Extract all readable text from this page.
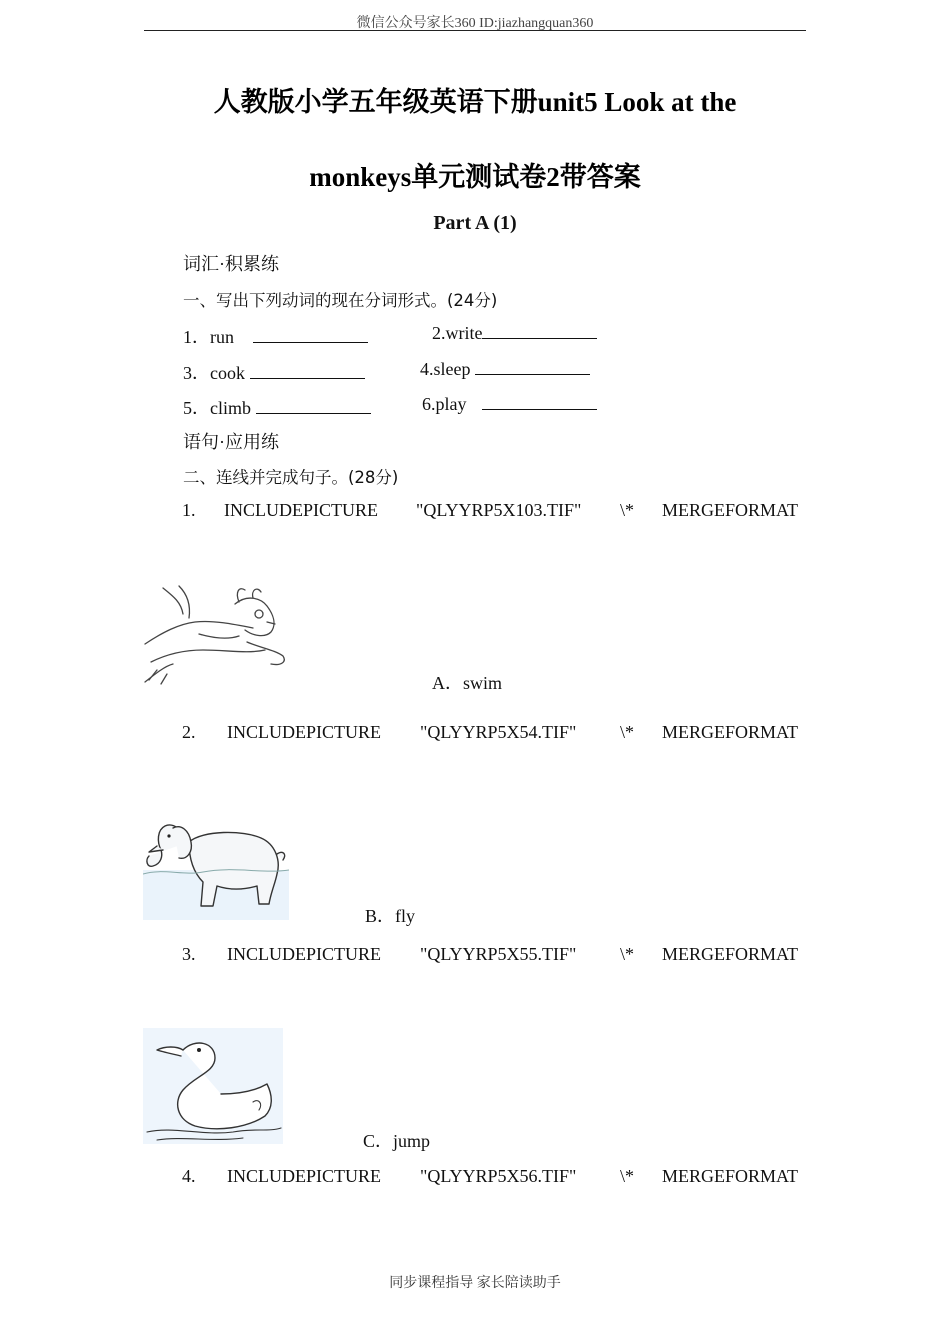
微信公众号家长360 ID:jiazhangquan360
人教版小学五年级英语下册unit5 Look at the
monkeys单元测试卷2带答案
Part A (1)
词汇·积累练
一、写出下列动词的现在分词形式。(24分)
1．run	2.write
3．cook	4.sleep
5．climb	6.play
语句·应用练
二、连线并完成句子。(28分)
1. INCLUDEPICTURE "QLYYRP5X103.TIF" \* MERGEFORMAT
A．swim
2. INCLUDEPICTURE "QLYYRP5X54.TIF" \* MERGEFORMAT
B．fly
3. INCLUDEPICTURE "QLYYRP5X55.TIF" \* MERGEFORMAT
C．jump
4. INCLUDEPICTURE "QLYYRP5X56.TIF" \* MERGEFORMAT
同步课程指导 家长陪读助手
